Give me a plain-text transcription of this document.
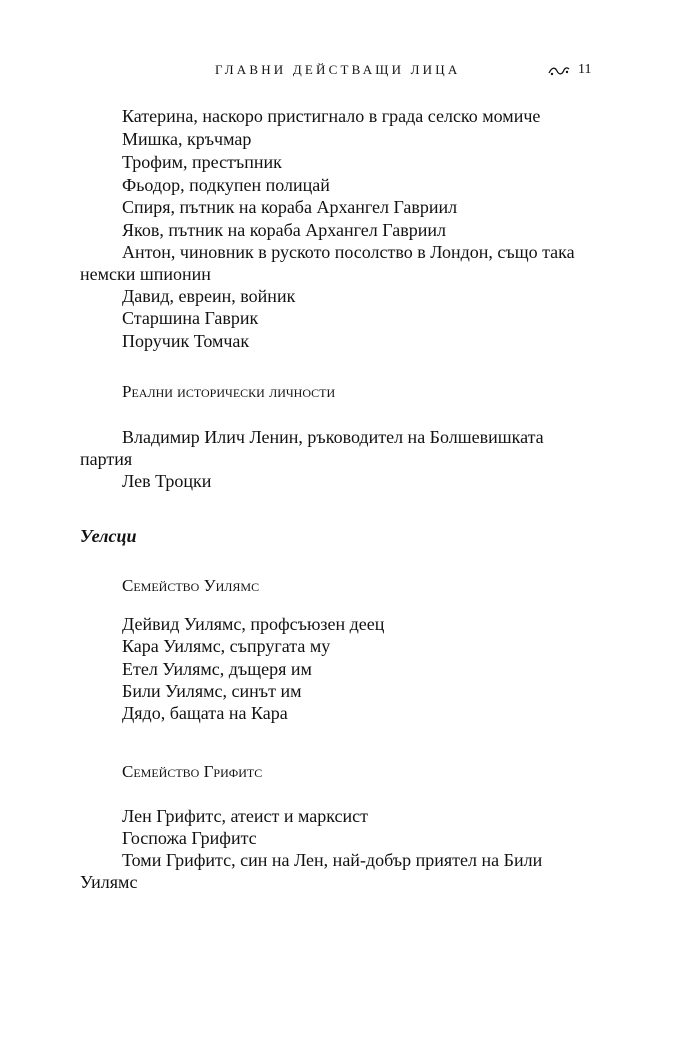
ГЛАВНИ ДЕЙСТВАЩИ ЛИЦА	11
Катерина, наскоро пристигнало в града селско момиче
Мишка, кръчмар
Трофим, престъпник
Фьодор, подкупен полицай
Спиря, пътник на кораба Архангел Гавриил
Яков, пътник на кораба Архангел Гавриил
Антон, чиновник в руското посолство в Лондон, също така
немски шпионин
Давид, евреин, войник
Старшина Гаврик
Поручик Томчак
Реални исторически личности
Владимир Илич Ленин, ръководител на Болшевишката
партия
Лев Троцки
Уелсци
Семейство Уилямс
Дейвид Уилямс, профсъюзен деец
Кара Уилямс, съпругата му
Етел Уилямс, дъщеря им
Били Уилямс, синът им
Дядо, бащата на Кара
Семейство Грифитс
Лен Грифитс, атеист и марксист
Госпожа Грифитс
Томи Грифитс, син на Лен, най-добър приятел на Били
Уилямс
